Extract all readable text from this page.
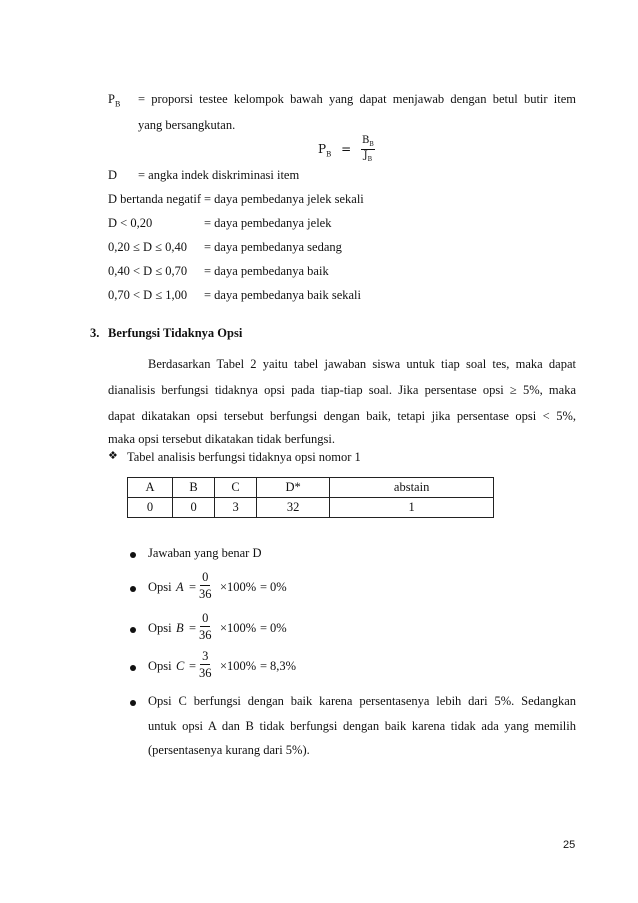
$P_B$ = proporsi testee kelompok bawah yang dapat menjawab dengan betul butir item
yang bersangkutan.
$P_B = \frac{B_B}{J_B}$
D = angka indek diskriminasi item
D bertanda negatif = daya pembedanya jelek sekali
D < 0,20	= daya pembedanya jelek
0,20 ≤ D ≤ 0,40 = daya pembedanya sedang
0,40 < D ≤ 0,70 = daya pembedanya baik
0,70 < D ≤ 1,00 = daya pembedanya baik sekali
3. Berfungsi Tidaknya Opsi
Berdasarkan Tabel 2 yaitu tabel jawaban siswa untuk tiap soal tes, maka dapat
dianalisis berfungsi tidaknya opsi pada tiap-tiap soal. Jika persentase opsi ≥ 5%, maka
dapat dikatakan opsi tersebut berfungsi dengan baik, tetapi jika persentase opsi < 5%,
maka opsi tersebut dikatakan tidak berfungsi.
❖ Tabel analisis berfungsi tidaknya opsi nomor 1
A	B	C	D*	abstain
0	0	3	32	1
Jawaban yang benar D
Opsi $A = \frac{0}{36} \times 100\% = 0\%$
Opsi $B = \frac{0}{36} \times 100\% = 0\%$
Opsi $C = \frac{3}{36} \times 100\% = 8,3\%$
Opsi C berfungsi dengan baik karena persentasenya lebih dari 5%. Sedangkan
untuk opsi A dan B tidak berfungsi dengan baik karena tidak ada yang memilih
(persentasenya kurang dari 5%).
25
